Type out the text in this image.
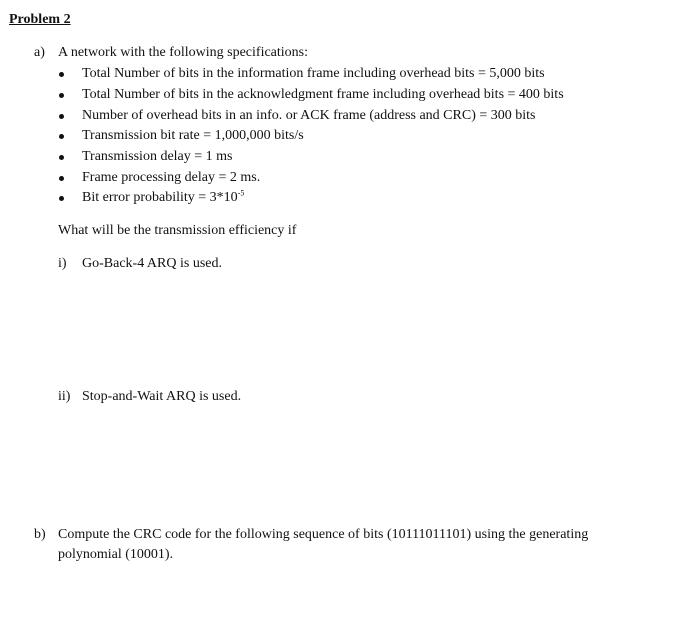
Problem 2
a) A network with the following specifications:
Total Number of bits in the information frame including overhead bits = 5,000 bits
Total Number of bits in the acknowledgment frame including overhead bits = 400 bits
Number of overhead bits in an info. or ACK frame (address and CRC) = 300 bits
Transmission bit rate = 1,000,000 bits/s
Transmission delay = 1 ms
Frame processing delay = 2 ms.
Bit error probability = $3*10^{-5}$
What will be the transmission efficiency if
i) Go-Back-4 ARQ is used.
ii) Stop-and-Wait ARQ is used.
b) Compute the CRC code for the following sequence of bits (10111011101) using the generating
polynomial (10001).
